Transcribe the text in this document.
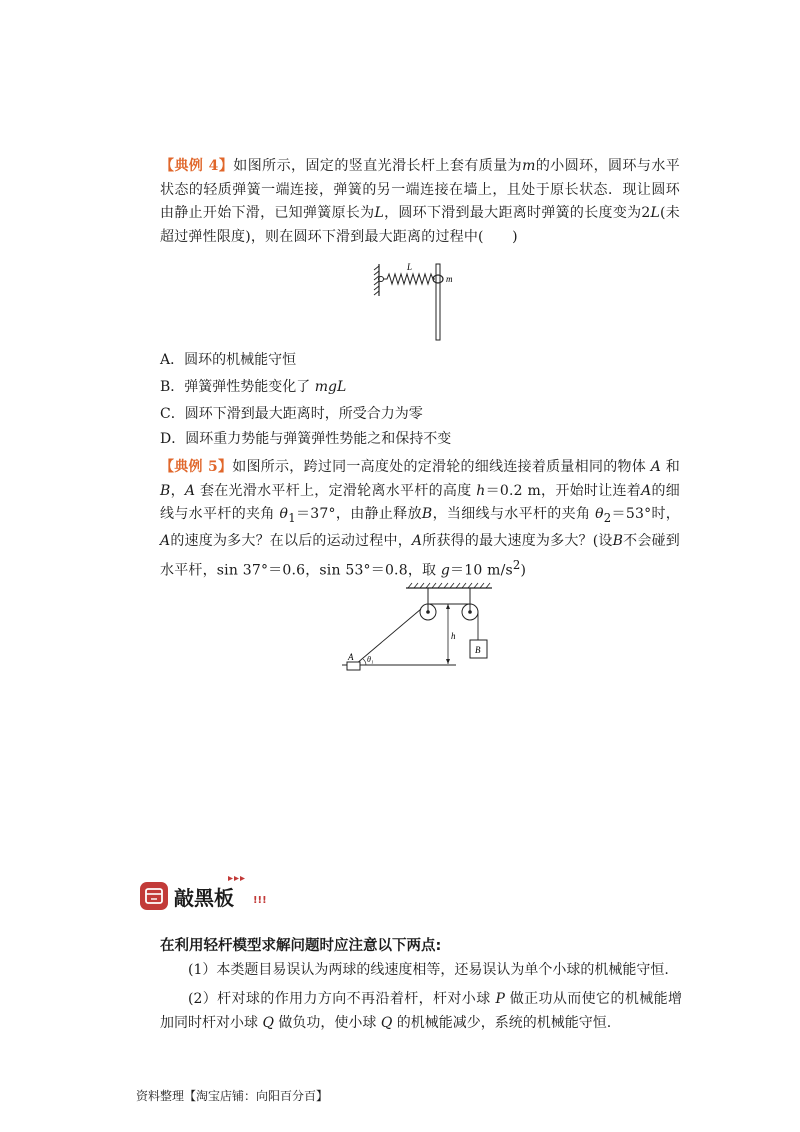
【典例 4】如图所示，固定的竖直光滑长杆上套有质量为m的小圆环，圆环与水平状态的轻质弹簧一端连接，弹簧的另一端连接在墙上，且处于原长状态．现让圆环由静止开始下滑，已知弹簧原长为L，圆环下滑到最大距离时弹簧的长度变为2L(未超过弹性限度)，则在圆环下滑到最大距离的过程中(　　)
L
m
A．圆环的机械能守恒
B．弹簧弹性势能变化了 mgL
C．圆环下滑到最大距离时，所受合力为零
D．圆环重力势能与弹簧弹性势能之和保持不变
【典例 5】如图所示，跨过同一高度处的定滑轮的细线连接着质量相同的物体 A 和B，A 套在光滑水平杆上，定滑轮离水平杆的高度 h＝0.2 m，开始时让连着A的细线与水平杆的夹角 $\theta_1=37^\circ$，由静止释放B，当细线与水平杆的夹角 $\theta_2=53^\circ$时，A的速度为多大？在以后的运动过程中，A所获得的最大速度为多大？(设B不会碰到水平杆，sin 37°＝0.6，sin 53°＝0.8，取 g＝10 $m/s^2$)
B
h
A θ₁
敲黑板 !!!
在利用轻杆模型求解问题时应注意以下两点:
(1）本类题目易误认为两球的线速度相等，还易误认为单个小球的机械能守恒.
(2）杆对球的作用力方向不再沿着杆，杆对小球 P 做正功从而使它的机械能增加同时杆对小球 Q 做负功，使小球 Q 的机械能减少，系统的机械能守恒.
资料整理【淘宝店铺：向阳百分百】
